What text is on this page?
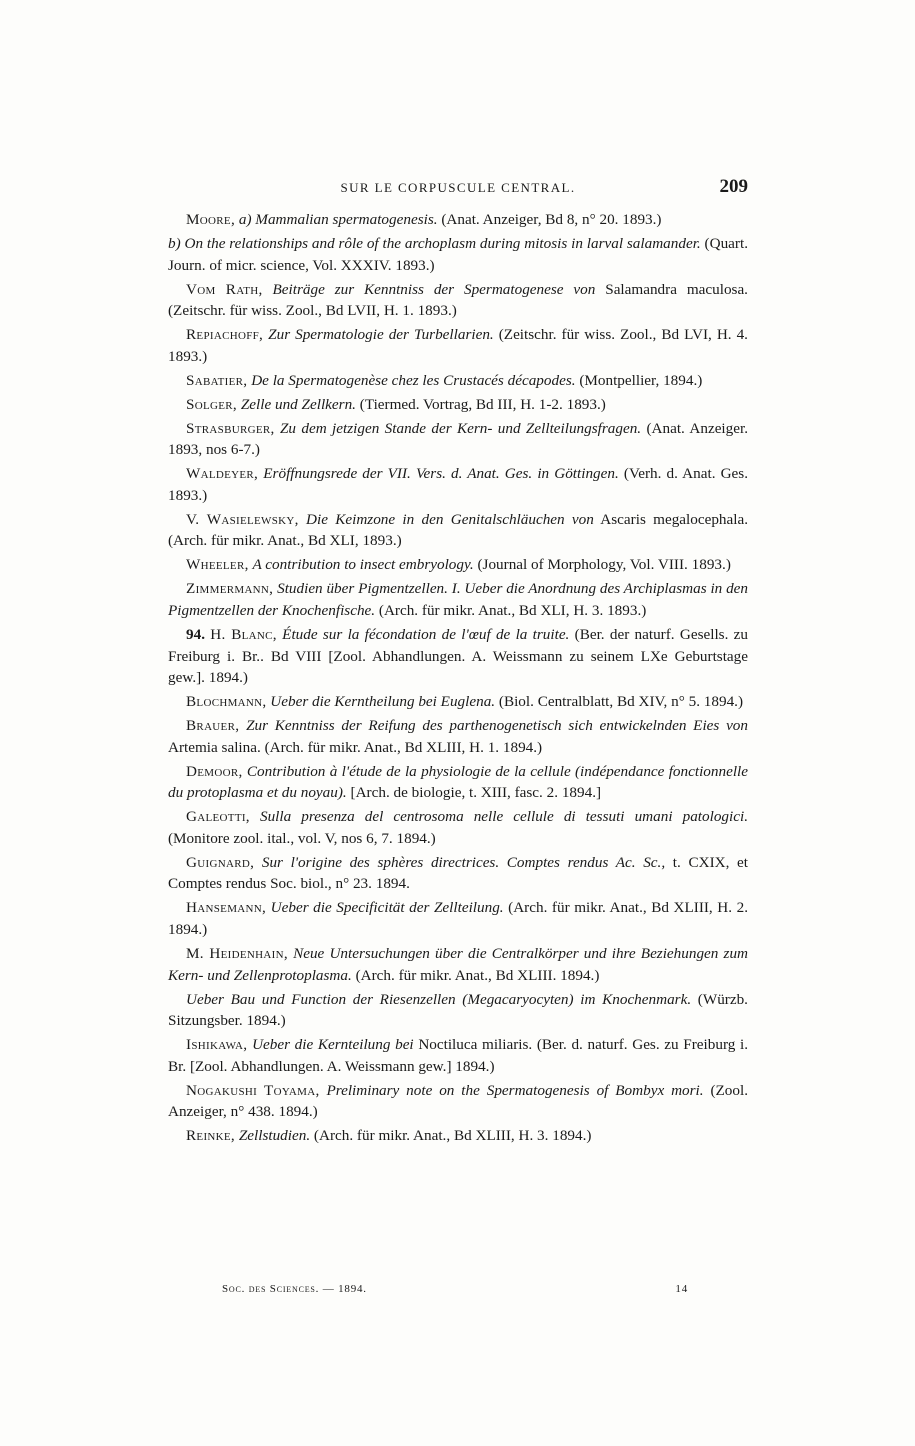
SUR LE CORPUSCULE CENTRAL.	209

Moore, a) Mammalian spermatogenesis. (Anat. Anzeiger, Bd 8, n° 20. 1893.)

b) On the relationships and rôle of the archoplasm during mitosis in larval salamander. (Quart. Journ. of micr. science, Vol. XXXIV. 1893.)

Vom Rath, Beiträge zur Kenntniss der Spermatogenese von Salamandra maculosa. (Zeitschr. für wiss. Zool., Bd LVII, H. 1. 1893.)

Repiachoff, Zur Spermatologie der Turbellarien. (Zeitschr. für wiss. Zool., Bd LVI, H. 4. 1893.)

Sabatier, De la Spermatogenèse chez les Crustacés décapodes. (Montpellier, 1894.)

Solger, Zelle und Zellkern. (Tiermed. Vortrag, Bd III, H. 1-2. 1893.)

Strasburger, Zu dem jetzigen Stande der Kern- und Zellteilungsfragen. (Anat. Anzeiger. 1893, nos 6-7.)

Waldeyer, Eröffnungsrede der VII. Vers. d. Anat. Ges. in Göttingen. (Verh. d. Anat. Ges. 1893.)

V. Wasielewsky, Die Keimzone in den Genitalschläuchen von Ascaris megalocephala. (Arch. für mikr. Anat., Bd XLI, 1893.)

Wheeler, A contribution to insect embryology. (Journal of Morphology, Vol. VIII. 1893.)

Zimmermann, Studien über Pigmentzellen. I. Ueber die Anordnung des Archiplasmas in den Pigmentzellen der Knochenfische. (Arch. für mikr. Anat., Bd XLI, H. 3. 1893.)

94. H. Blanc, Étude sur la fécondation de l'œuf de la truite. (Ber. der naturf. Gesells. zu Freiburg i. Br.. Bd VIII [Zool. Abhandlungen. A. Weissmann zu seinem LXe Geburtstage gew.]. 1894.)

Blochmann, Ueber die Kerntheilung bei Euglena. (Biol. Centralblatt, Bd XIV, n° 5. 1894.)

Brauer, Zur Kenntniss der Reifung des parthenogenetisch sich entwickelnden Eies von Artemia salina. (Arch. für mikr. Anat., Bd XLIII, H. 1. 1894.)

Demoor, Contribution à l'étude de la physiologie de la cellule (indépendance fonctionnelle du protoplasma et du noyau). [Arch. de biologie, t. XIII, fasc. 2. 1894.]

Galeotti, Sulla presenza del centrosoma nelle cellule di tessuti umani patologici. (Monitore zool. ital., vol. V, nos 6, 7. 1894.)

Guignard, Sur l'origine des sphères directrices. Comptes rendus Ac. Sc., t. CXIX, et Comptes rendus Soc. biol., n° 23. 1894.

Hansemann, Ueber die Specificität der Zellteilung. (Arch. für mikr. Anat., Bd XLIII, H. 2. 1894.)

M. Heidenhain, Neue Untersuchungen über die Centralkörper und ihre Beziehungen zum Kern- und Zellenprotoplasma. (Arch. für mikr. Anat., Bd XLIII. 1894.)

Ueber Bau und Function der Riesenzellen (Megacaryocyten) im Knochenmark. (Würzb. Sitzungsber. 1894.)

Ishikawa, Ueber die Kernteilung bei Noctiluca miliaris. (Ber. d. naturf. Ges. zu Freiburg i. Br. [Zool. Abhandlungen. A. Weissmann gew.] 1894.)

Nogakushi Toyama, Preliminary note on the Spermatogenesis of Bombyx mori. (Zool. Anzeiger, n° 438. 1894.)

Reinke, Zellstudien. (Arch. für mikr. Anat., Bd XLIII, H. 3. 1894.)

Soc. des Sciences. — 1894.	14
